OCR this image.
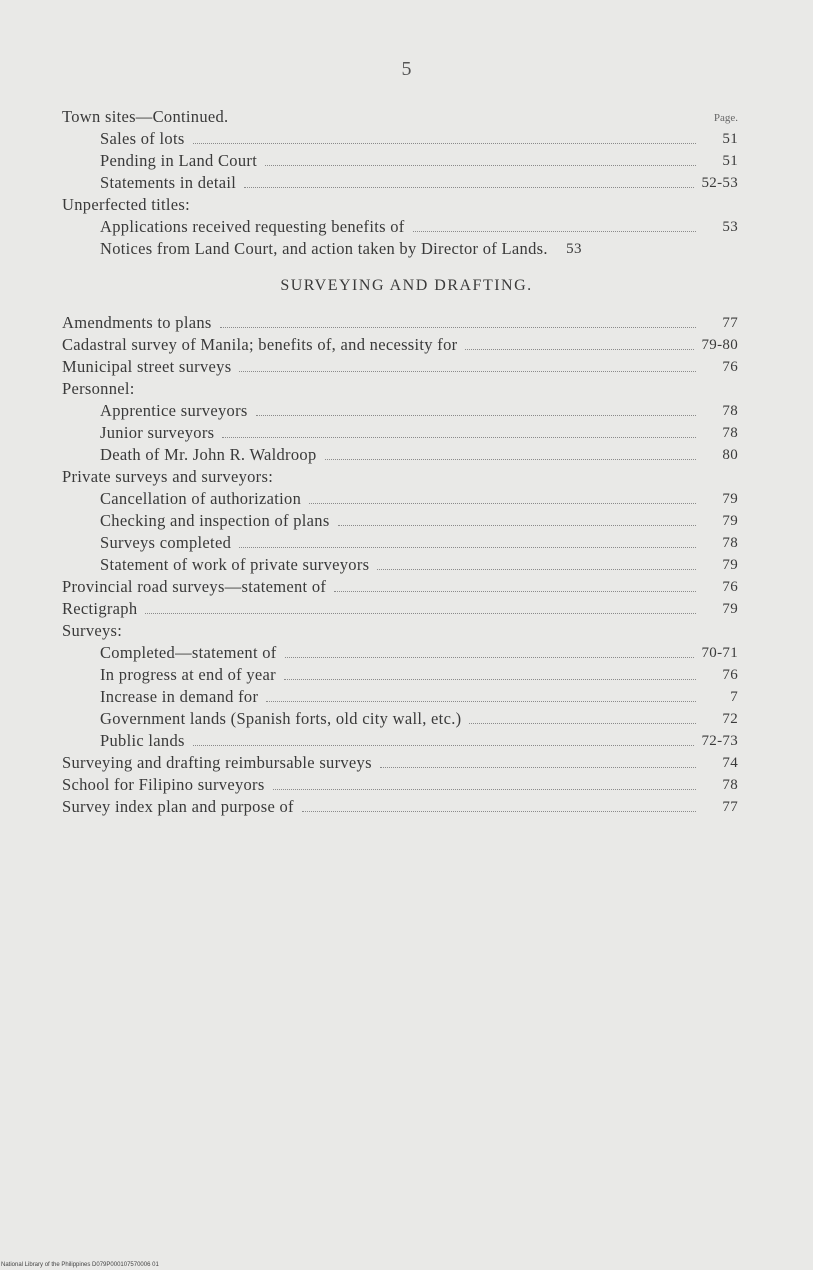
5
Page.
SURVEYING AND DRAFTING.
Town sites—Continued.
Sales of lots	51
Pending in Land Court	51
Statements in detail	52-53
Unperfected titles:
Applications received requesting benefits of	53
Notices from Land Court, and action taken by Director of Lands.	53
Amendments to plans	77
Cadastral survey of Manila; benefits of, and necessity for	79-80
Municipal street surveys	76
Personnel:
Apprentice surveyors	78
Junior surveyors	78
Death of Mr. John R. Waldroop	80
Private surveys and surveyors:
Cancellation of authorization	79
Checking and inspection of plans	79
Surveys completed	78
Statement of work of private surveyors	79
Provincial road surveys—statement of	76
Rectigraph	79
Surveys:
Completed—statement of	70-71
In progress at end of year	76
Increase in demand for	7
Government lands (Spanish forts, old city wall, etc.)	72
Public lands	72-73
Surveying and drafting reimbursable surveys	74
School for Filipino surveyors	78
Survey index plan and purpose of	77
National Library of the Philippines D079P000107570006 01
